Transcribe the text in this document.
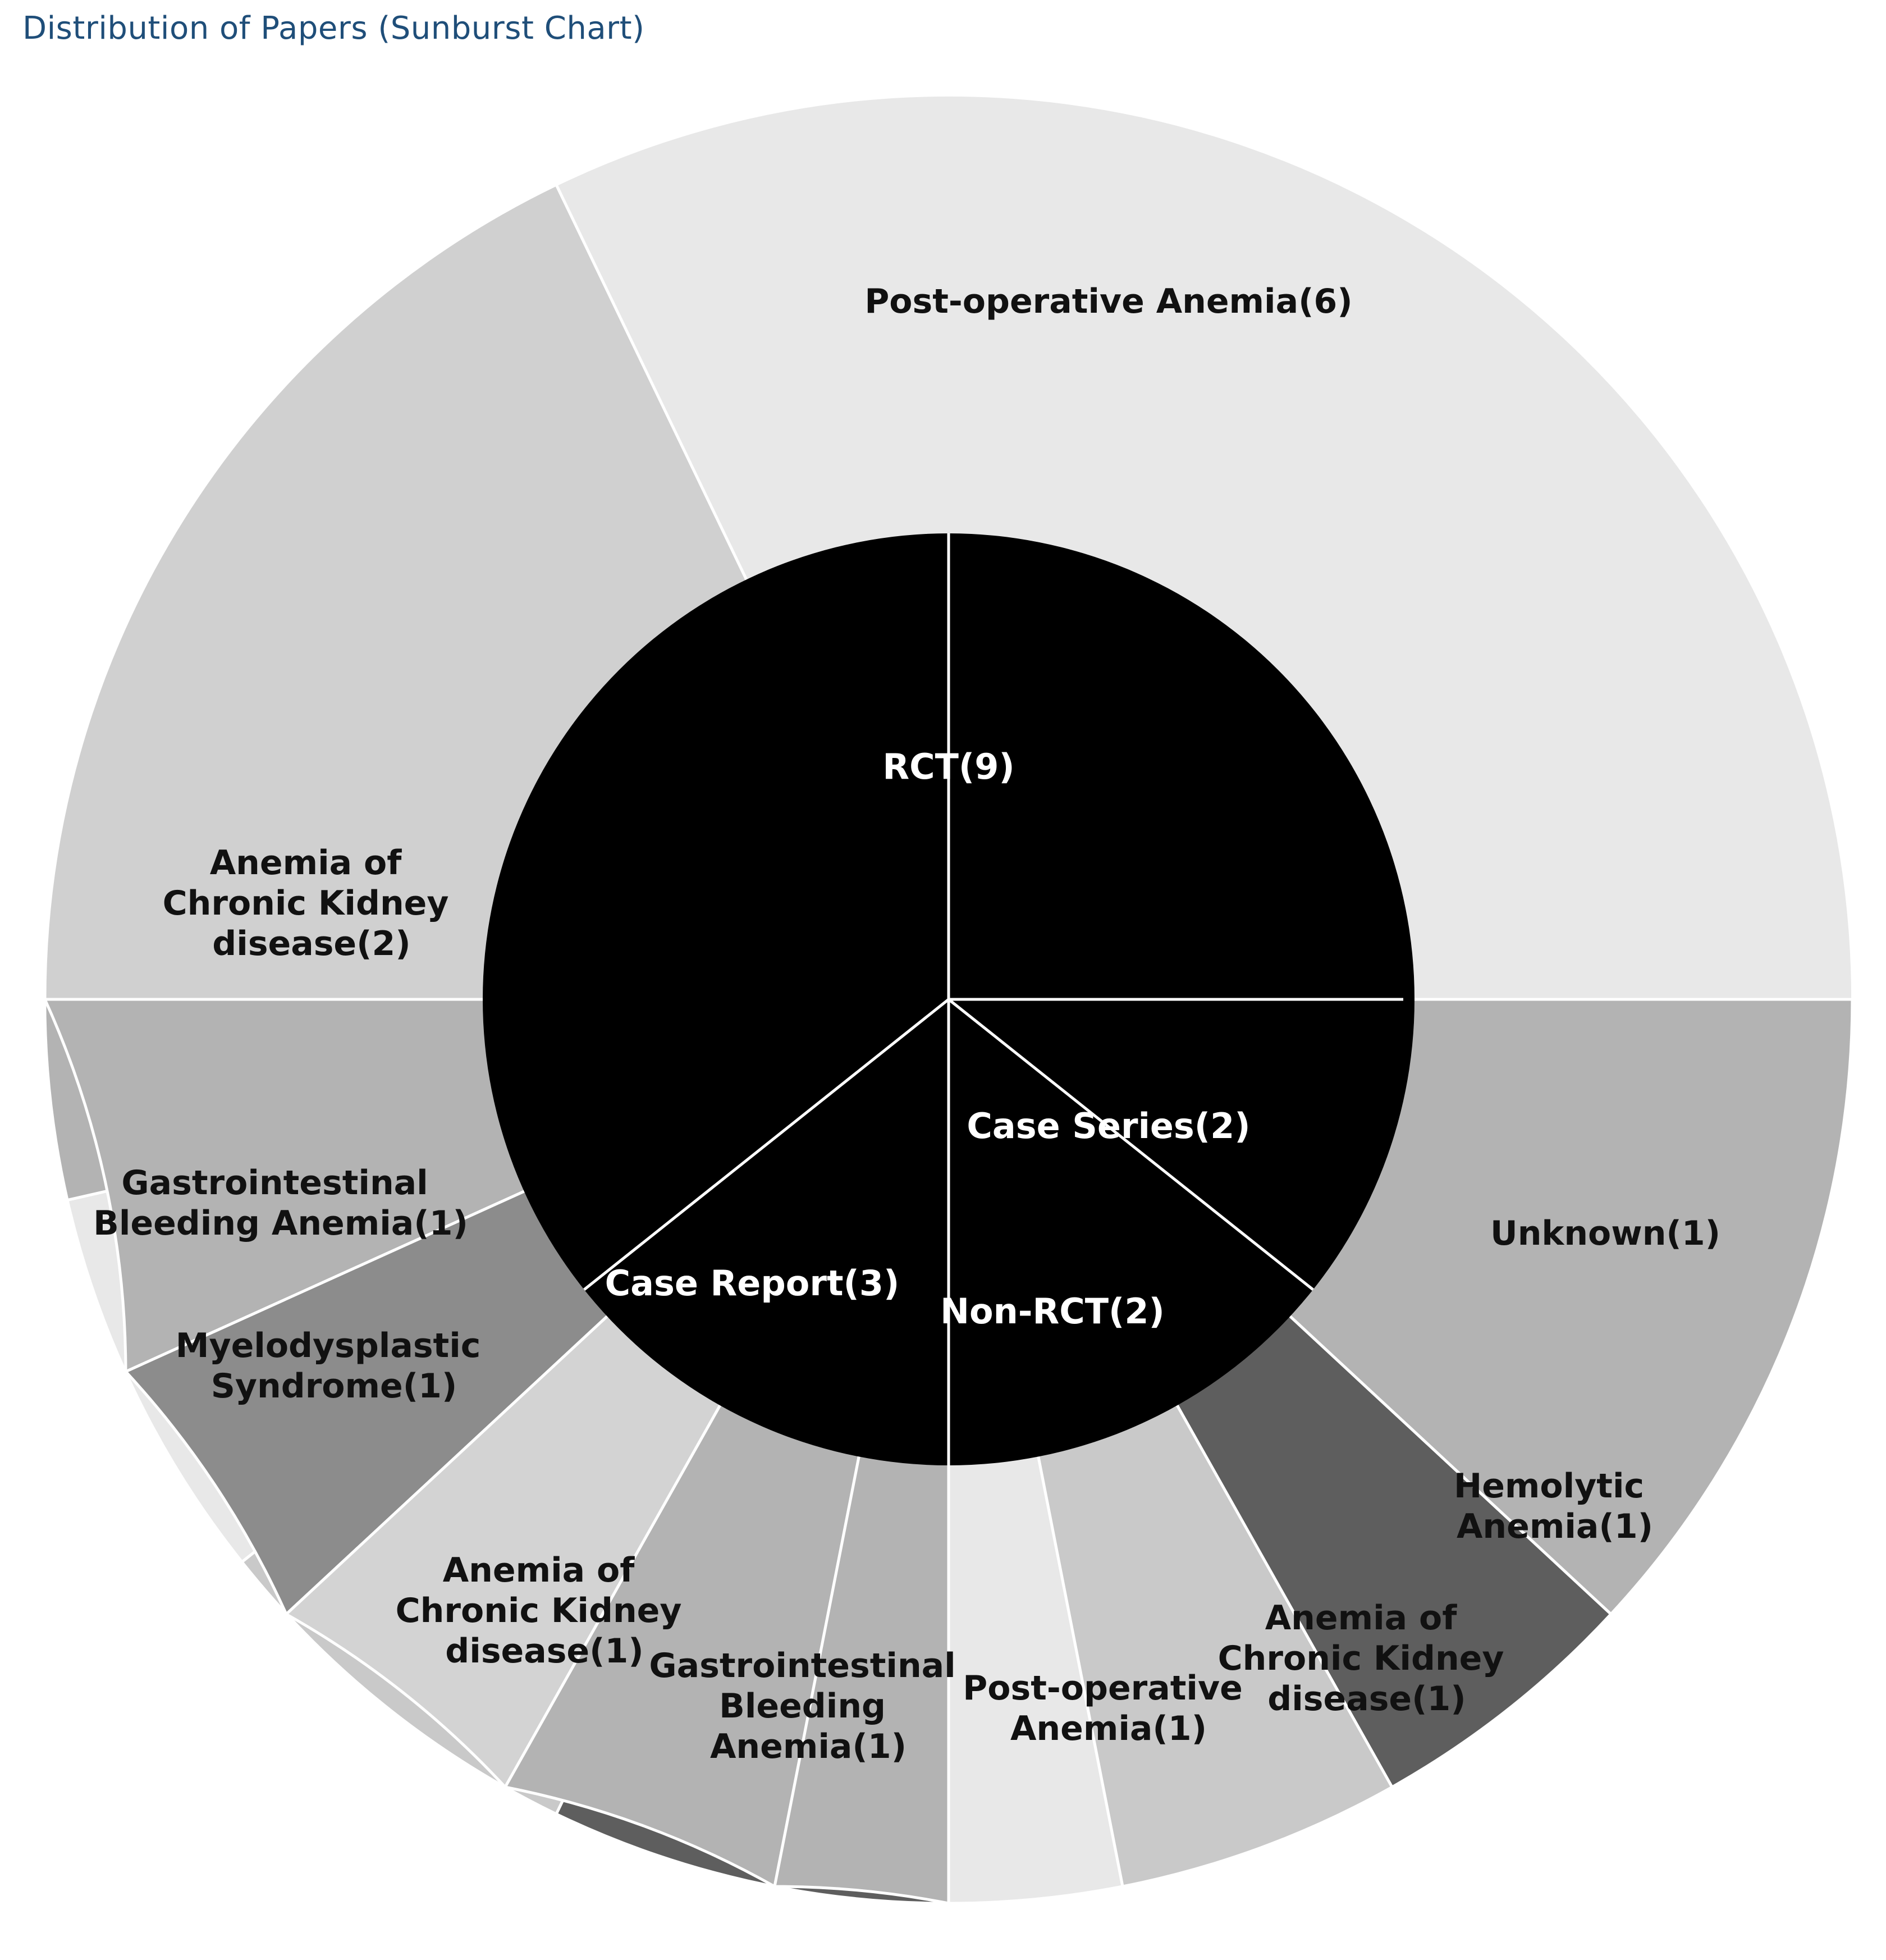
Distribution of Papers (Sunburst Chart)
RCT(9)
Case Series(2)
Non-RCT(2)
Case Report(3)
Post-operative Anemia(6)
Unknown(1)
Hemolytic Anemia(1)
Anemia of Chronic Kidney disease(1)
Post-operative Anemia(1)
Gastrointestinal Bleeding Anemia(1)
Anemia of Chronic Kidney disease(1)
Myelodysplastic Syndrome(1)
Gastrointestinal Bleeding Anemia(1)
Anemia of Chronic Kidney disease(2)
